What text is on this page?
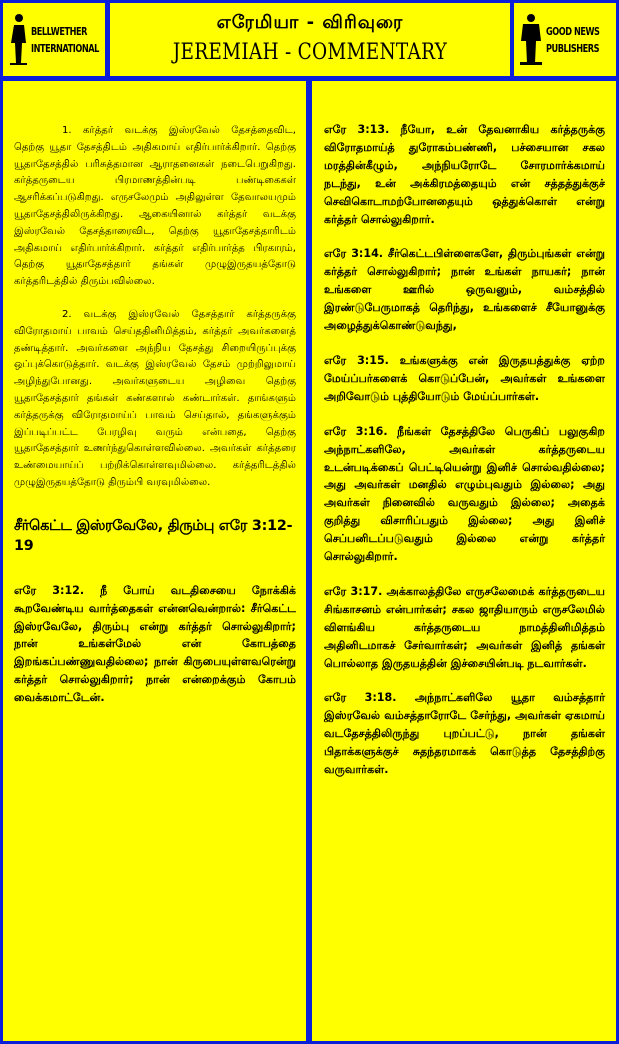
BELLWETHER
INTERNATIONAL
எரேமியா - விரிவுரை
JEREMIAH - COMMENTARY
GOOD NEWS
PUBLISHERS

1. கர்த்தர் வடக்கு இஸ்ரவேல் தேசத்தைவிட, தெற்கு யூதா தேசத்திடம் அதிகமாய் எதிர்பார்க்கிறார். தெற்கு யூதாதேசத்தில் பரிசுத்தமான ஆராதனைகள் நடைபெறுகிறது. கர்த்தருடைய பிரமாணத்தின்படி பண்டிகைகள் ஆசரிக்கப்படுகிறது. எருசலேமும் அதிலுள்ள தேவாலயமும் யூதாதேசத்திலிருக்கிறது. ஆகையினால் கர்த்தர் வடக்கு இஸ்ரவேல் தேசத்தாரைவிட, தெற்கு யூதாதேசத்தாரிடம் அதிகமாய் எதிர்பார்க்கிறார். கர்த்தர் எதிர்பார்த்த பிரகாரம், தெற்கு யூதாதேசத்தார் தங்கள் முழுஇருதயத்தோடு கர்த்தரிடத்தில் திரும்பவில்லை.

2. வடக்கு இஸ்ரவேல் தேசத்தார் கர்த்தருக்கு விரோதமாய் பாவம் செய்ததினிமித்தம், கர்த்தர் அவர்களைத் தண்டித்தார். அவர்களை அந்நிய தேசத்து சிறையிருப்புக்கு ஒப்புக்கொடுத்தார். வடக்கு இஸ்ரவேல் தேசம் முற்றிலுமாய் அழிந்துபோனது. அவர்களுடைய அழிவை தெற்கு யூதாதேசத்தார் தங்கள் கண்களால் கண்டார்கள். தாங்களும் கர்த்தருக்கு விரோதமாய்ப் பாவம் செய்தால், தங்களுக்கும் இப்படிப்பட்ட பேரழிவு வரும் என்பதை, தெற்கு யூதாதேசத்தார் உணர்ந்துகொள்ளவில்லை. அவர்கள் கர்த்தரை உண்மையாய்ப் பற்றிக்கொள்ளவுமில்லை. கர்த்தரிடத்தில் முழுஇருதயத்தோடு திரும்பி வரவுமில்லை.

சீர்கெட்ட இஸ்ரவேலே, திரும்பு எரே 3:12-19

எரே 3:12. நீ போய் வடதிசையை நோக்கிக் கூறவேண்டிய வார்த்தைகள் என்னவென்றால்: சீர்கெட்ட இஸ்ரவேலே, திரும்பு என்று கர்த்தர் சொல்லுகிறார்; நான் உங்கள்மேல் என் கோபத்தை இறங்கப்பண்ணுவதில்லை; நான் கிருபையுள்ளவரென்று கர்த்தர் சொல்லுகிறார்; நான் என்றைக்கும் கோபம் வைக்கமாட்டேன்.

எரே 3:13. நீயோ, உன் தேவனாகிய கர்த்தருக்கு விரோதமாய்த் துரோகம்பண்ணி, பச்சையான சகல மரத்தின்கீழும், அந்நியரோடே சோரமார்க்கமாய் நடந்து, உன் அக்கிரமத்தையும் என் சத்தத்துக்குச் செவிகொடாமற்போனதையும் ஒத்துக்கொள் என்று கர்த்தர் சொல்லுகிறார்.

எரே 3:14. சீர்கெட்டபிள்ளைகளே, திரும்புங்கள் என்று கர்த்தர் சொல்லுகிறார்; நான் உங்கள் நாயகர்; நான் உங்களை ஊரில் ஒருவனும், வம்சத்தில் இரண்டுபேருமாகத் தெரிந்து, உங்களைச் சீயோனுக்கு அழைத்துக்கொண்டுவந்து,

எரே 3:15. உங்களுக்கு என் இருதயத்துக்கு ஏற்ற மேய்ப்பர்களைக் கொடுப்பேன், அவர்கள் உங்களை அறிவோடும் புத்தியோடும் மேய்ப்பார்கள்.

எரே 3:16. நீங்கள் தேசத்திலே பெருகிப் பலுகுகிற அந்நாட்களிலே, அவர்கள் கர்த்தருடைய உடன்படிக்கைப் பெட்டியென்று இனிச் சொல்வதில்லை; அது அவர்கள் மனதில் எழும்புவதும் இல்லை; அது அவர்கள் நினைவில் வருவதும் இல்லை; அதைக் குறித்து விசாரிப்பதும் இல்லை; அது இனிச் செப்பனிடப்படுவதும் இல்லை என்று கர்த்தர் சொல்லுகிறார்.

எரே 3:17. அக்காலத்திலே எருசலேமைக் கர்த்தருடைய சிங்காசனம் என்பார்கள்; சகல ஜாதியாரும் எருசலேமில் விளங்கிய கர்த்தருடைய நாமத்தினிமித்தம் அதினிடமாகச் சேர்வார்கள்; அவர்கள் இனித் தங்கள் பொல்லாத இருதயத்தின் இச்சையின்படி நடவார்கள்.

எரே 3:18. அந்நாட்களிலே யூதா வம்சத்தார் இஸ்ரவேல் வம்சத்தாரோடே சேர்ந்து, அவர்கள் ஏகமாய் வடதேசத்திலிருந்து புறப்பட்டு, நான் தங்கள் பிதாக்களுக்குச் சுதந்தரமாகக் கொடுத்த தேசத்திற்கு வருவார்கள்.
